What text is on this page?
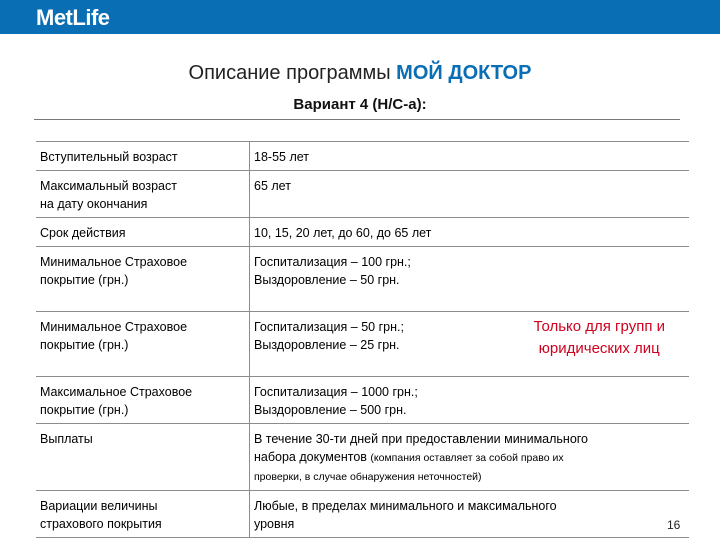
MetLife
Описание программы МОЙ ДОКТОР
Вариант 4 (Н/С-а):
Вступительный возраст	18-55 лет
Максимальный возраст
на дату окончания	65 лет
Срок действия	10, 15, 20 лет, до 60, до 65 лет
Минимальное Страховое
покрытие (грн.)	Госпитализация – 100 грн.;
Выздоровление – 50 грн.

Минимальное Страховое
покрытие (грн.)	Госпитализация – 50 грн.;
Выздоровление – 25 грн.
Только для групп и
юридических лиц

Максимальное Страховое
покрытие (грн.)	Госпитализация – 1000 грн.;
Выздоровление – 500 грн.
Выплаты	В течение 30-ти дней при предоставлении минимального
набора документов (компания оставляет за собой право их
проверки, в случае обнаружения неточностей)
Вариации величины
страхового покрытия	Любые, в пределах минимального и максимального
уровня	16
